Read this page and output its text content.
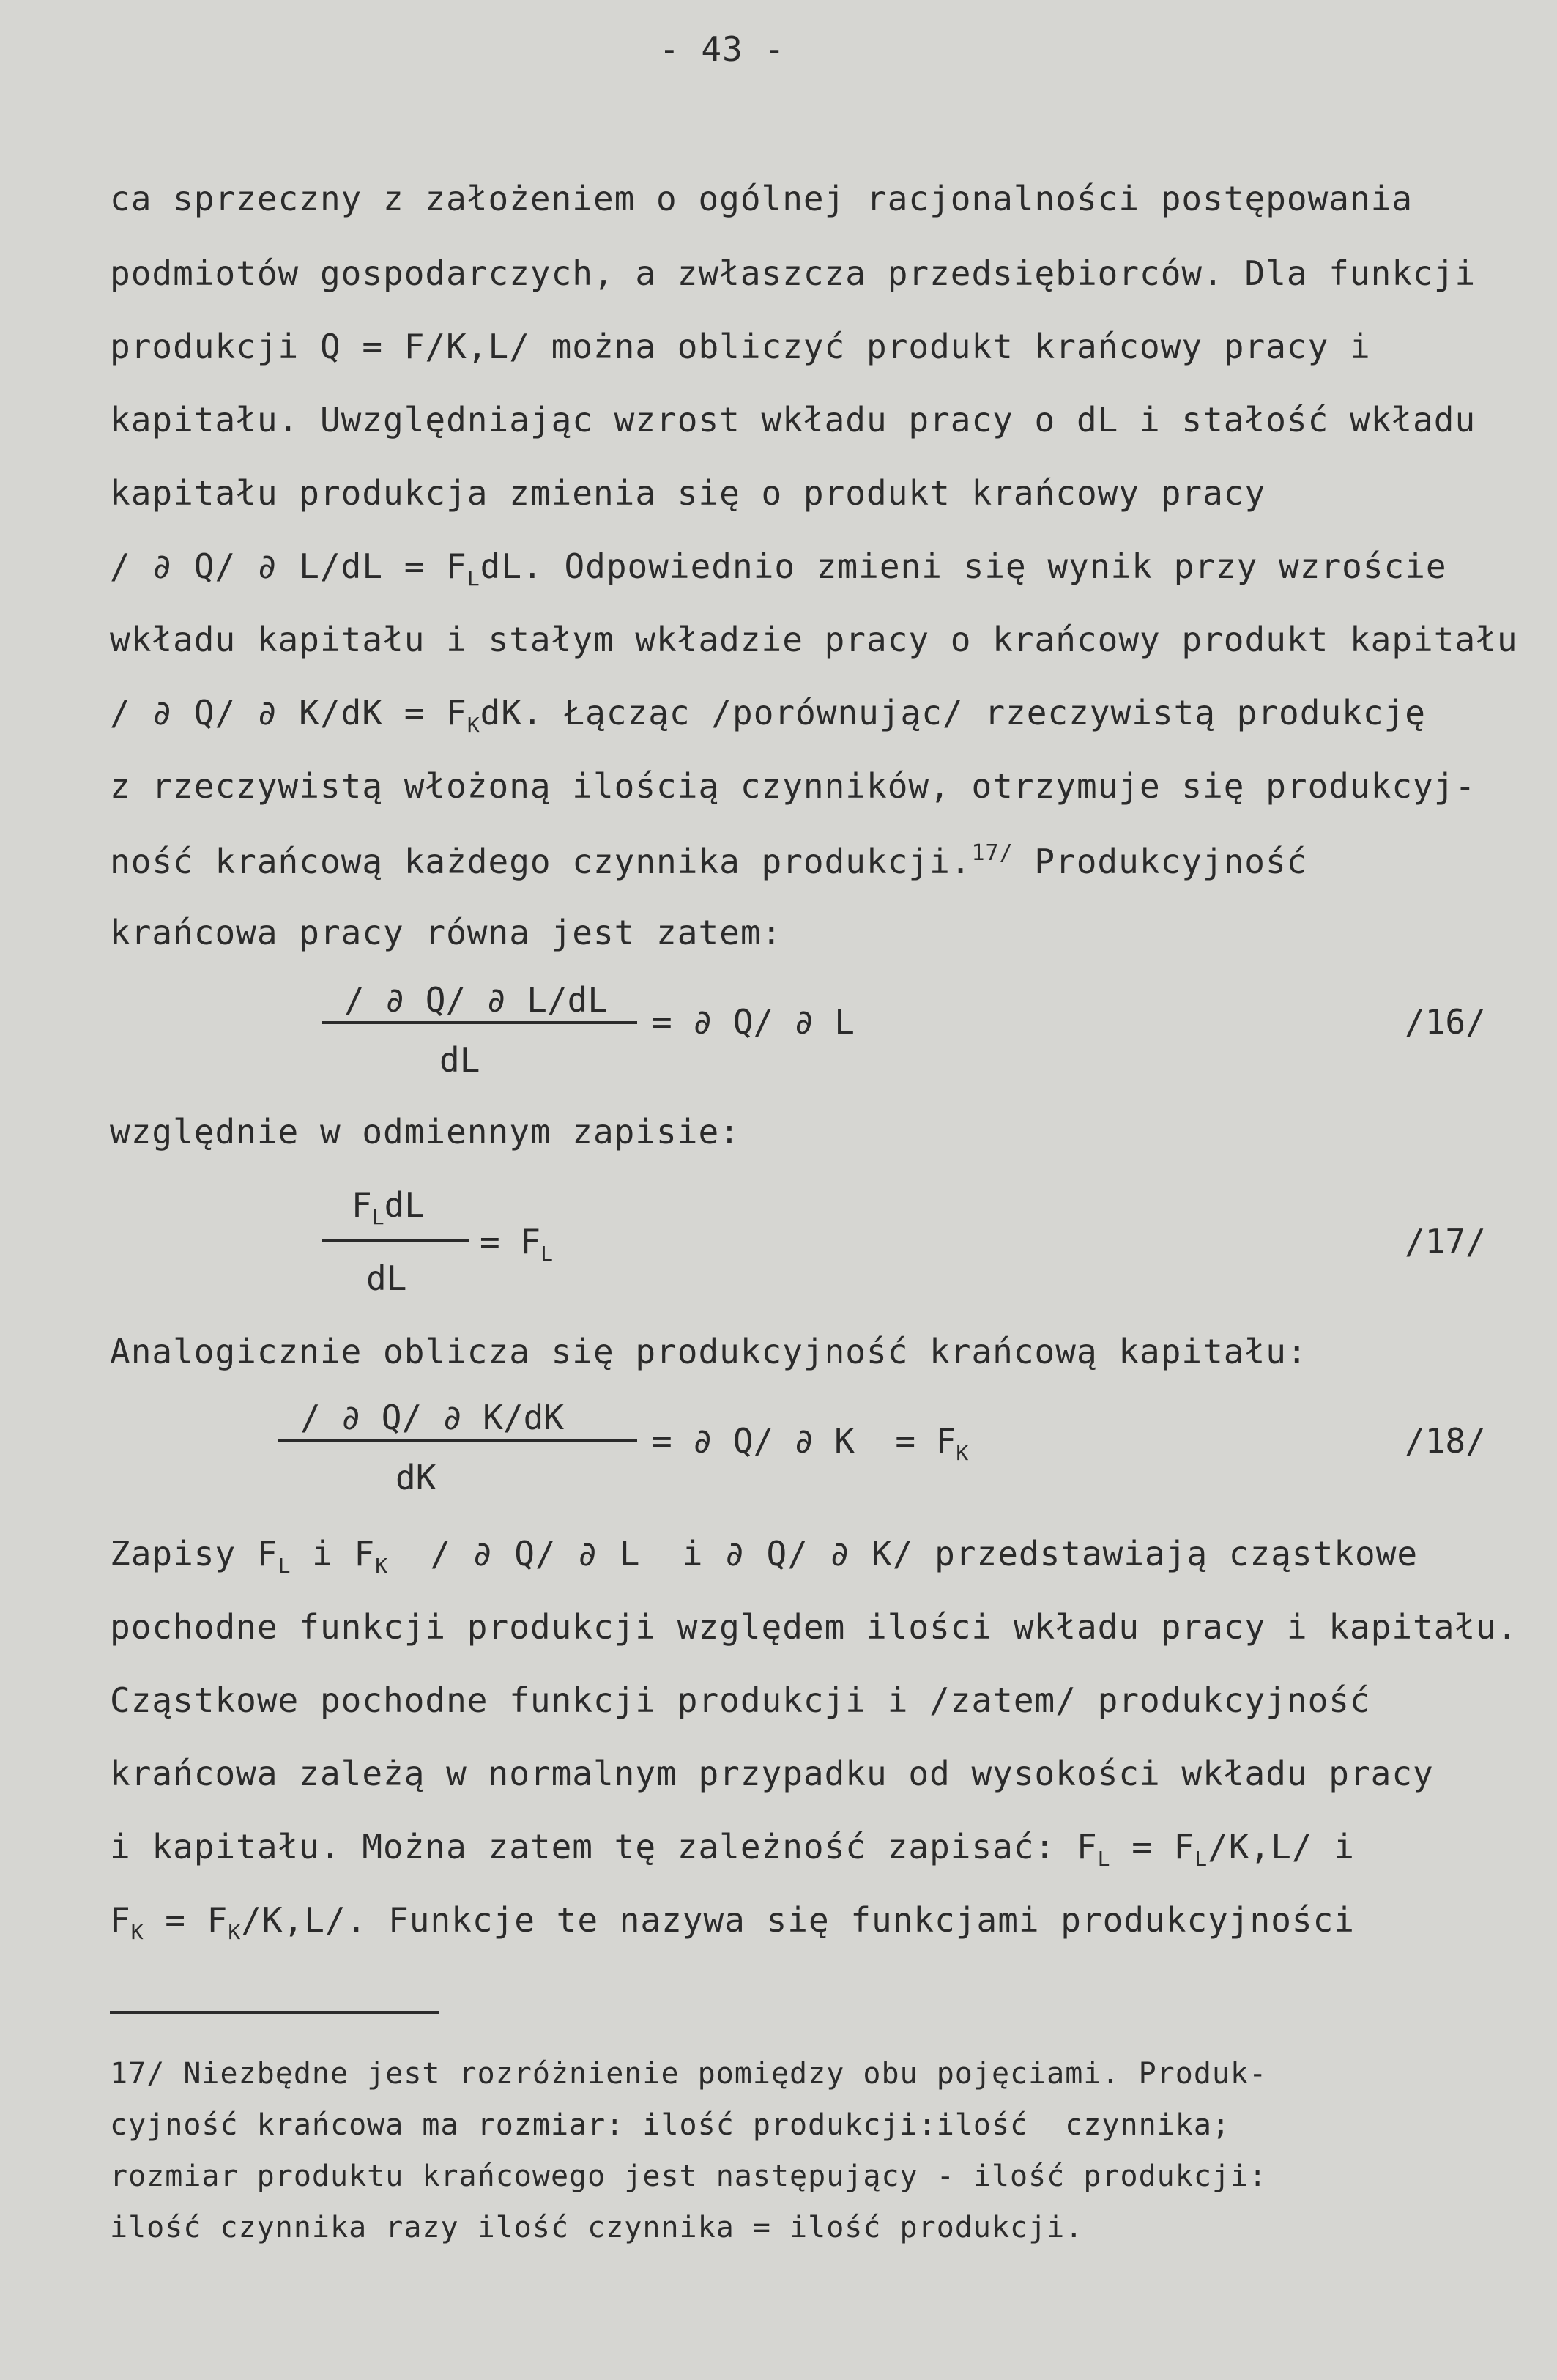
- 43 -
ca sprzeczny z założeniem o ogólnej racjonalności postępowania
podmiotów gospodarczych, a zwłaszcza przedsiębiorców. Dla funkcji
produkcji Q = F/K,L/ można obliczyć produkt krańcowy pracy i
kapitału. Uwzględniając wzrost wkładu pracy o dL i stałość wkładu
kapitału produkcja zmienia się o produkt krańcowy pracy
/ ∂ Q/ ∂ $L/dL = F_LdL$. Odpowiednio zmieni się wynik przy wzroście
wkładu kapitału i stałym wkładzie pracy o krańcowy produkt kapitału
/ ∂ Q/ ∂ $K/dK = F_KdK$. Łącząc /porównując/ rzeczywistą produkcję
z rzeczywistą włożoną ilością czynników, otrzymuje się produkcyj-
ność krańcową każdego czynnika produkcji.$^{17/}$ Produkcyjność
krańcowa pracy równa jest zatem:
/ ∂ Q/ ∂ L/dL
dL
= ∂ Q/ ∂ L	/16/
względnie w odmiennym zapisie:
$F_LdL$
dL
= $F_L$	/17/
Analogicznie oblicza się produkcyjność krańcową kapitału:
/ ∂ Q/ ∂ K/dK
dK
= ∂ Q/ ∂ $K = F_K$	/18/
Zapisy $F_L$ i $F_K$  / ∂ Q/ ∂ L  i ∂ Q/ ∂ K/ przedstawiają cząstkowe
pochodne funkcji produkcji względem ilości wkładu pracy i kapitału.
Cząstkowe pochodne funkcji produkcji i /zatem/ produkcyjność
krańcowa zależą w normalnym przypadku od wysokości wkładu pracy
i kapitału. Można zatem tę zależność zapisać: $F_L = F_L/K,L/$ i
$F_K = F_K/K,L/$. Funkcje te nazywa się funkcjami produkcyjności
17/ Niezbędne jest rozróżnienie pomiędzy obu pojęciami. Produk-
cyjność krańcowa ma rozmiar: ilość produkcji:ilość  czynnika;
rozmiar produktu krańcowego jest następujący - ilość produkcji:
ilość czynnika razy ilość czynnika = ilość produkcji.
